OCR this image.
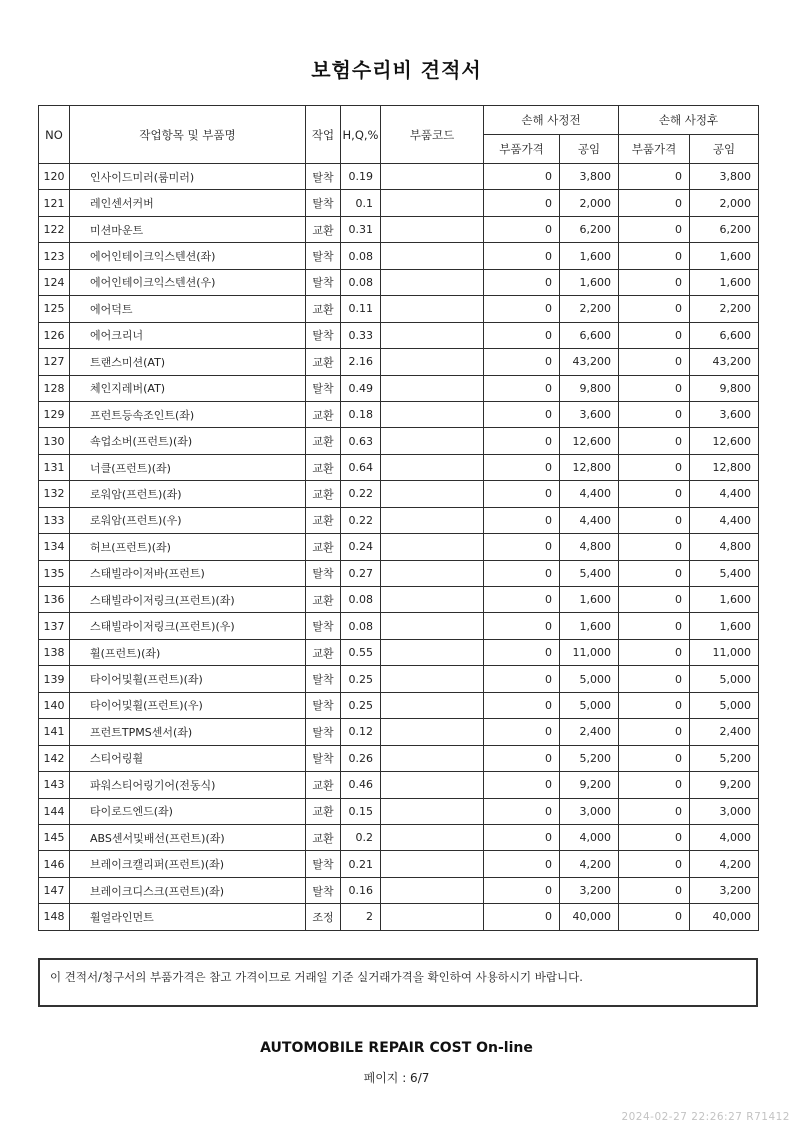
보험수리비 견적서
NO	작업항목 및 부품명	작업	H,Q,%	부품코드	손해 사정전		손해 사정후	
					부품가격	공임	부품가격	공임
120	인사이드미러(룸미러)	탈착	0.19		0	3,800	0	3,800
121	레인센서커버	탈착	0.1		0	2,000	0	2,000
122	미션마운트	교환	0.31		0	6,200	0	6,200
123	에어인테이크익스텐션(좌)	탈착	0.08		0	1,600	0	1,600
124	에어인테이크익스텐션(우)	탈착	0.08		0	1,600	0	1,600
125	에어덕트	교환	0.11		0	2,200	0	2,200
126	에어크리너	탈착	0.33		0	6,600	0	6,600
127	트랜스미션(AT)	교환	2.16		0	43,200	0	43,200
128	체인지레버(AT)	탈착	0.49		0	9,800	0	9,800
129	프런트등속조인트(좌)	교환	0.18		0	3,600	0	3,600
130	쇽업소버(프런트)(좌)	교환	0.63		0	12,600	0	12,600
131	너클(프런트)(좌)	교환	0.64		0	12,800	0	12,800
132	로워암(프런트)(좌)	교환	0.22		0	4,400	0	4,400
133	로워암(프런트)(우)	교환	0.22		0	4,400	0	4,400
134	허브(프런트)(좌)	교환	0.24		0	4,800	0	4,800
135	스태빌라이저바(프런트)	탈착	0.27		0	5,400	0	5,400
136	스태빌라이저링크(프런트)(좌)	교환	0.08		0	1,600	0	1,600
137	스태빌라이저링크(프런트)(우)	탈착	0.08		0	1,600	0	1,600
138	휠(프런트)(좌)	교환	0.55		0	11,000	0	11,000
139	타이어및휠(프런트)(좌)	탈착	0.25		0	5,000	0	5,000
140	타이어및휠(프런트)(우)	탈착	0.25		0	5,000	0	5,000
141	프런트TPMS센서(좌)	탈착	0.12		0	2,400	0	2,400
142	스티어링휠	탈착	0.26		0	5,200	0	5,200
143	파워스티어링기어(전동식)	교환	0.46		0	9,200	0	9,200
144	타이로드엔드(좌)	교환	0.15		0	3,000	0	3,000
145	ABS센서및배선(프런트)(좌)	교환	0.2		0	4,000	0	4,000
146	브레이크캘리퍼(프런트)(좌)	탈착	0.21		0	4,200	0	4,200
147	브레이크디스크(프런트)(좌)	탈착	0.16		0	3,200	0	3,200
148	휠얼라인먼트	조정	2		0	40,000	0	40,000
이 견적서/청구서의 부품가격은 참고 가격이므로 거래일 기준 실거래가격을 확인하여 사용하시기 바랍니다.
AUTOMOBILE REPAIR COST On-line
페이지 : 6/7
2024-02-27 22:26:27 R71412
